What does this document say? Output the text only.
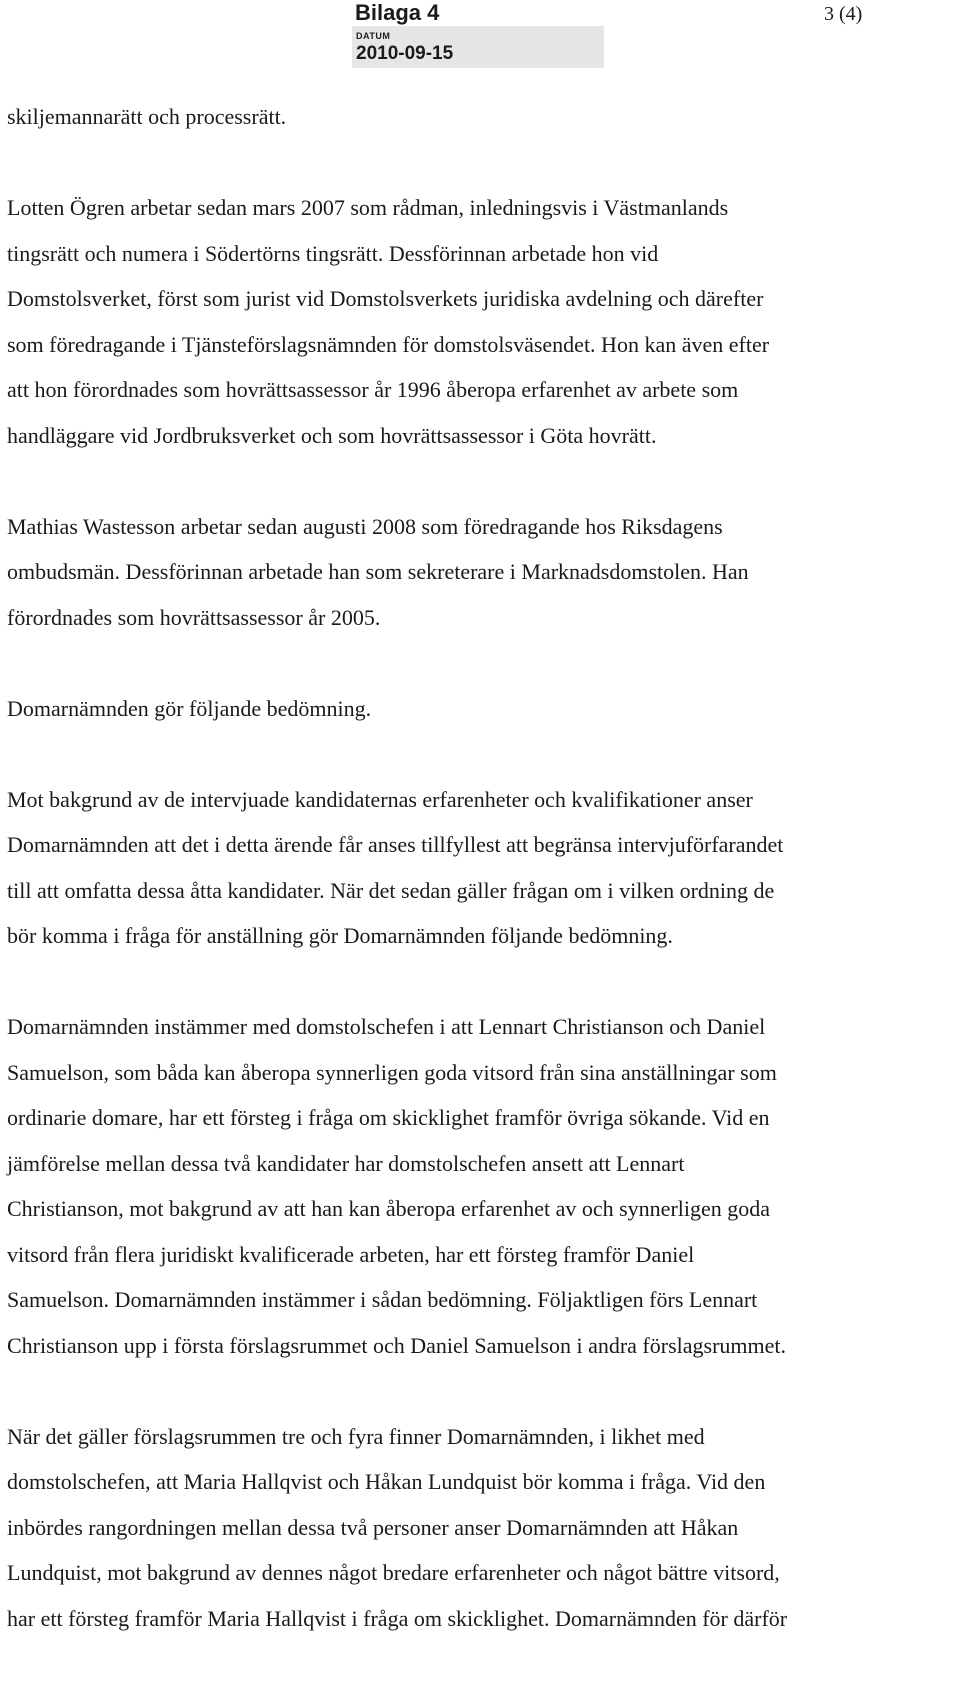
Bilaga 4	3 (4)
DATUM
2010-09-15

skiljemannarätt och processrätt.

Lotten Ögren arbetar sedan mars 2007 som rådman, inledningsvis i Västmanlands
tingsrätt och numera i Södertörns tingsrätt. Dessförinnan arbetade hon vid
Domstolsverket, först som jurist vid Domstolsverkets juridiska avdelning och därefter
som föredragande i Tjänsteförslagsnämnden för domstolsväsendet. Hon kan även efter
att hon förordnades som hovrättsassessor år 1996 åberopa erfarenhet av arbete som
handläggare vid Jordbruksverket och som hovrättsassessor i Göta hovrätt.

Mathias Wastesson arbetar sedan augusti 2008 som föredragande hos Riksdagens
ombudsmän. Dessförinnan arbetade han som sekreterare i Marknadsdomstolen. Han
förordnades som hovrättsassessor år 2005.

Domarnämnden gör följande bedömning.

Mot bakgrund av de intervjuade kandidaternas erfarenheter och kvalifikationer anser
Domarnämnden att det i detta ärende får anses tillfyllest att begränsa intervjuförfarandet
till att omfatta dessa åtta kandidater. När det sedan gäller frågan om i vilken ordning de
bör komma i fråga för anställning gör Domarnämnden följande bedömning.

Domarnämnden instämmer med domstolschefen i att Lennart Christianson och Daniel
Samuelson, som båda kan åberopa synnerligen goda vitsord från sina anställningar som
ordinarie domare, har ett försteg i fråga om skicklighet framför övriga sökande. Vid en
jämförelse mellan dessa två kandidater har domstolschefen ansett att Lennart
Christianson, mot bakgrund av att han kan åberopa erfarenhet av och synnerligen goda
vitsord från flera juridiskt kvalificerade arbeten, har ett försteg framför Daniel
Samuelson. Domarnämnden instämmer i sådan bedömning. Följaktligen förs Lennart
Christianson upp i första förslagsrummet och Daniel Samuelson i andra förslagsrummet.

När det gäller förslagsrummen tre och fyra finner Domarnämnden, i likhet med
domstolschefen, att Maria Hallqvist och Håkan Lundquist bör komma i fråga. Vid den
inbördes rangordningen mellan dessa två personer anser Domarnämnden att Håkan
Lundquist, mot bakgrund av dennes något bredare erfarenheter och något bättre vitsord,
har ett försteg framför Maria Hallqvist i fråga om skicklighet. Domarnämnden för därför
